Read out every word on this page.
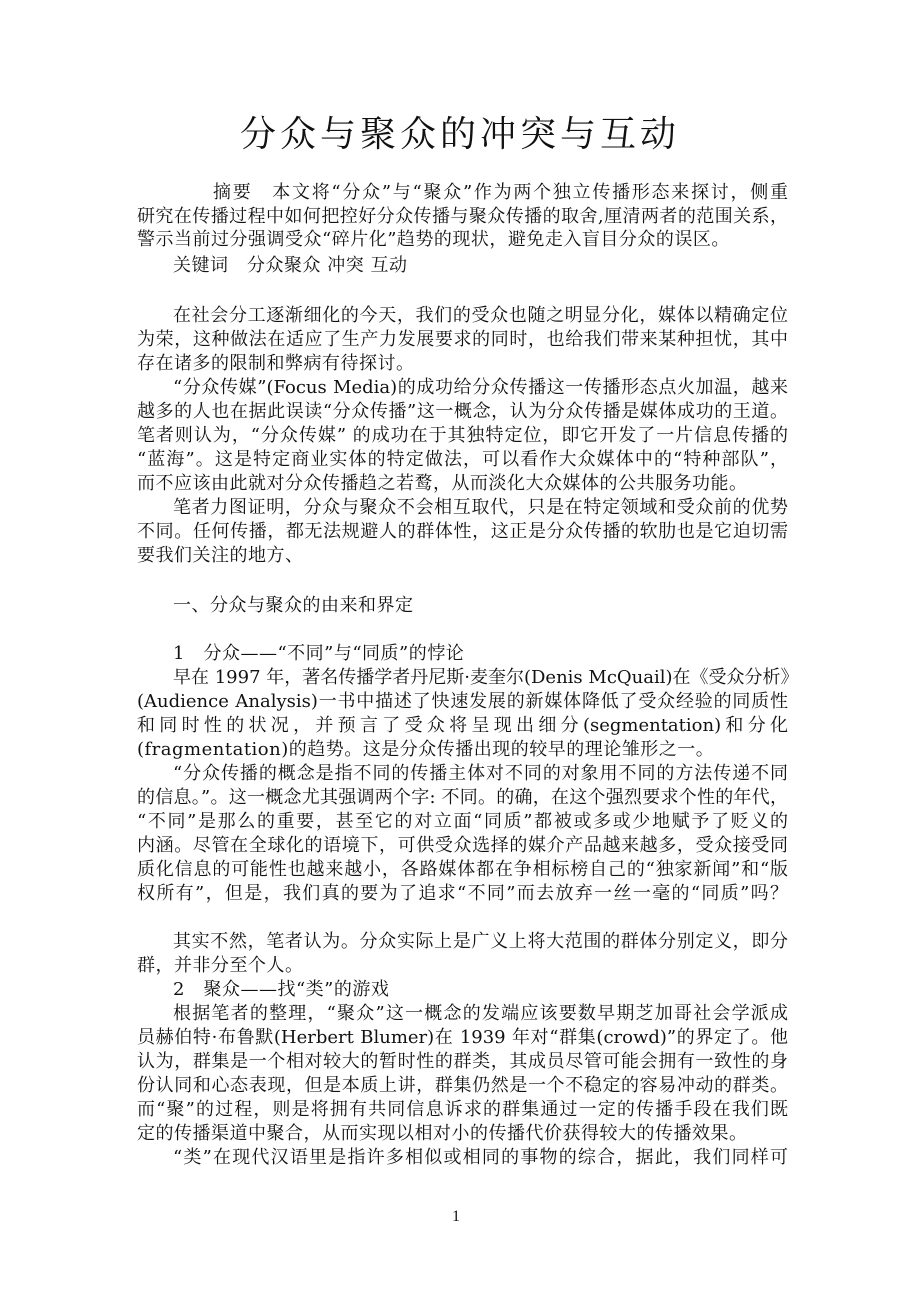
分众与聚众的冲突与互动
摘要　本文将“分众”与“聚众”作为两个独立传播形态来探讨，侧重
研究在传播过程中如何把控好分众传播与聚众传播的取舍,厘清两者的范围关系，
警示当前过分强调受众“碎片化”趋势的现状，避免走入盲目分众的误区。
关键词　分众聚众 冲突 互动
在社会分工逐渐细化的今天，我们的受众也随之明显分化，媒体以精确定位
为荣，这种做法在适应了生产力发展要求的同时，也给我们带来某种担忧，其中
存在诸多的限制和弊病有待探讨。
“分众传媒”(Focus Media)的成功给分众传播这一传播形态点火加温，越来
越多的人也在据此误读“分众传播”这一概念，认为分众传播是媒体成功的王道。
笔者则认为，“分众传媒” 的成功在于其独特定位，即它开发了一片信息传播的
“蓝海”。这是特定商业实体的特定做法，可以看作大众媒体中的“特种部队”，
而不应该由此就对分众传播趋之若鹜，从而淡化大众媒体的公共服务功能。
笔者力图证明，分众与聚众不会相互取代，只是在特定领域和受众前的优势
不同。任何传播，都无法规避人的群体性，这正是分众传播的软肋也是它迫切需
要我们关注的地方、
一、分众与聚众的由来和界定
1　分众——“不同”与“同质”的悖论
早在 1997 年，著名传播学者丹尼斯·麦奎尔(Denis McQuail)在《受众分析》
(Audience Analysis)一书中描述了快速发展的新媒体降低了受众经验的同质性
和同时性的状况，并预言了受众将呈现出细分(segmentation)和分化
(fragmentation)的趋势。这是分众传播出现的较早的理论雏形之一。
“分众传播的概念是指不同的传播主体对不同的对象用不同的方法传递不同
的信息。”。这一概念尤其强调两个字: 不同。的确，在这个强烈要求个性的年代，
“不同”是那么的重要，甚至它的对立面“同质”都被或多或少地赋予了贬义的
内涵。尽管在全球化的语境下，可供受众选择的媒介产品越来越多，受众接受同
质化信息的可能性也越来越小，各路媒体都在争相标榜自己的“独家新闻”和“版
权所有”，但是，我们真的要为了追求“不同”而去放弃一丝一毫的“同质”吗？
其实不然，笔者认为。分众实际上是广义上将大范围的群体分别定义，即分
群，并非分至个人。
2　聚众——找“类”的游戏
根据笔者的整理，“聚众”这一概念的发端应该要数早期芝加哥社会学派成
员赫伯特·布鲁默(Herbert Blumer)在 1939 年对“群集(crowd)”的界定了。他
认为，群集是一个相对较大的暂时性的群类，其成员尽管可能会拥有一致性的身
份认同和心态表现，但是本质上讲，群集仍然是一个不稳定的容易冲动的群类。
而“聚”的过程，则是将拥有共同信息诉求的群集通过一定的传播手段在我们既
定的传播渠道中聚合，从而实现以相对小的传播代价获得较大的传播效果。
“类”在现代汉语里是指许多相似或相同的事物的综合，据此，我们同样可
1
